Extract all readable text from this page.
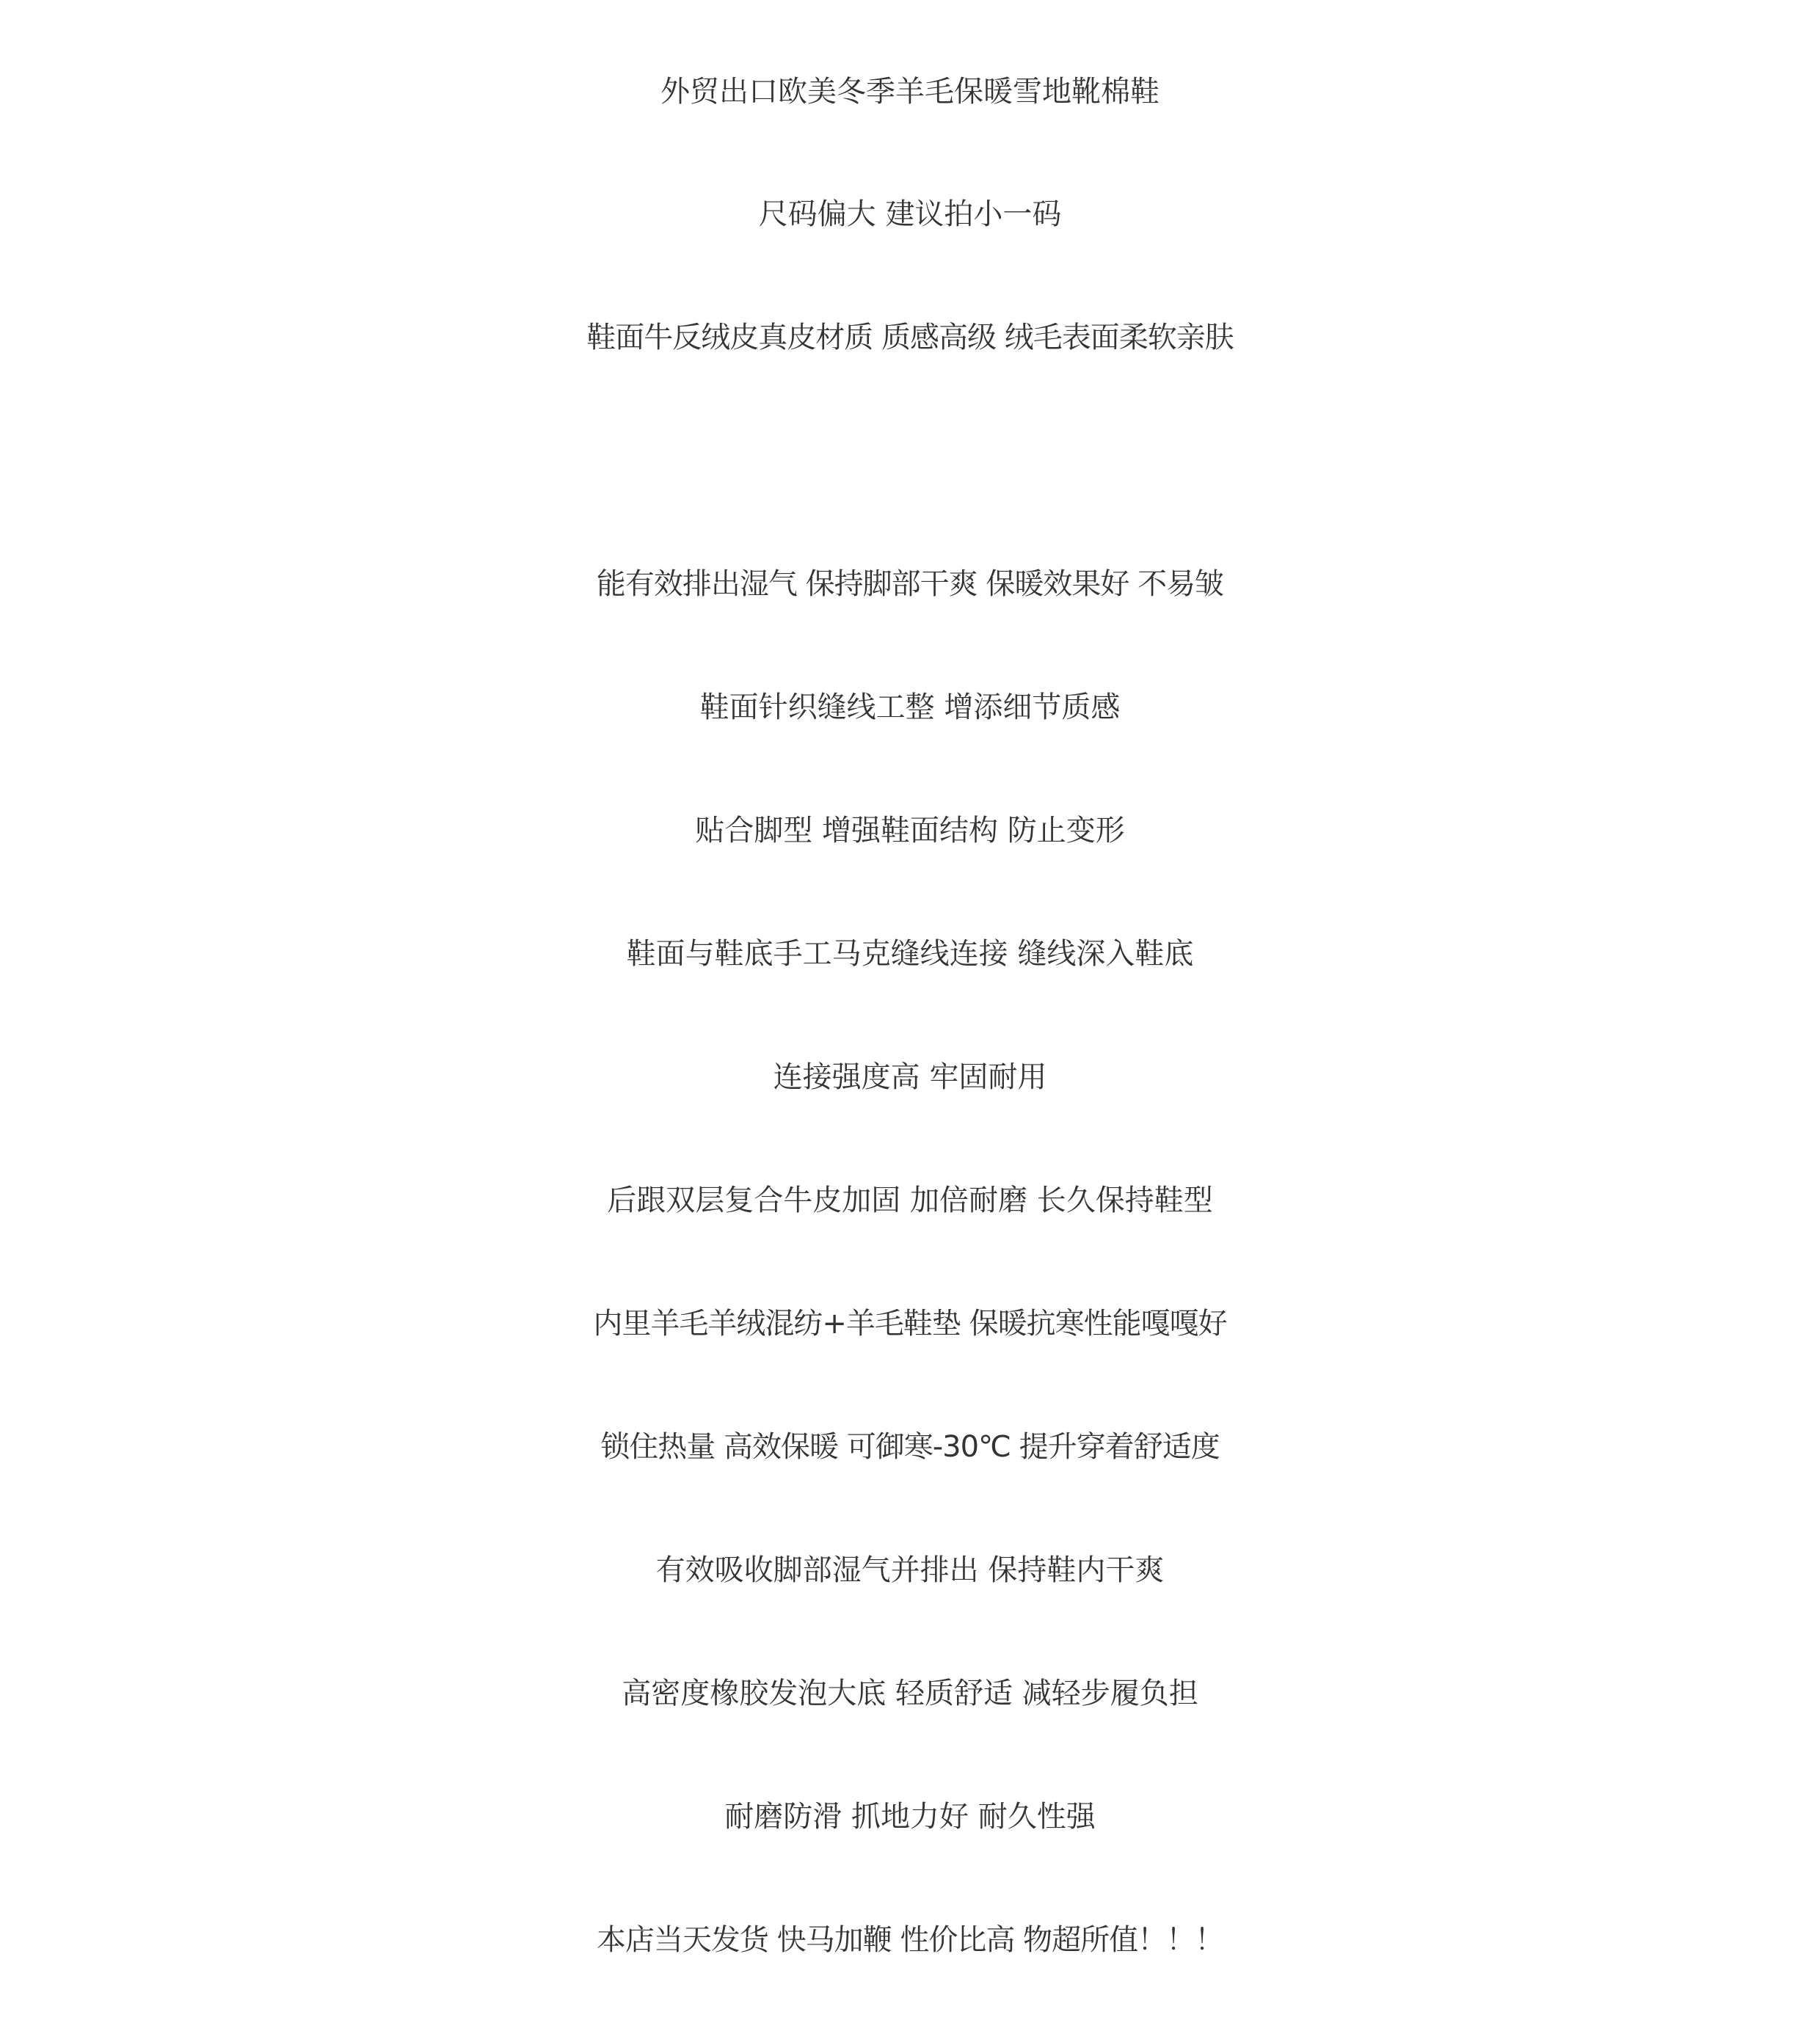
外贸出口欧美冬季羊毛保暖雪地靴棉鞋
尺码偏大 建议拍小一码
鞋面牛反绒皮真皮材质 质感高级 绒毛表面柔软亲肤
能有效排出湿气 保持脚部干爽 保暖效果好 不易皱
鞋面针织缝线工整 增添细节质感
贴合脚型 增强鞋面结构 防止变形
鞋面与鞋底手工马克缝线连接 缝线深入鞋底
连接强度高 牢固耐用
后跟双层复合牛皮加固 加倍耐磨 长久保持鞋型
内里羊毛羊绒混纺+羊毛鞋垫 保暖抗寒性能嘎嘎好
锁住热量 高效保暖 可御寒-30℃ 提升穿着舒适度
有效吸收脚部湿气并排出 保持鞋内干爽
高密度橡胶发泡大底 轻质舒适 减轻步履负担
耐磨防滑 抓地力好 耐久性强
本店当天发货 快马加鞭 性价比高 物超所值！！！
